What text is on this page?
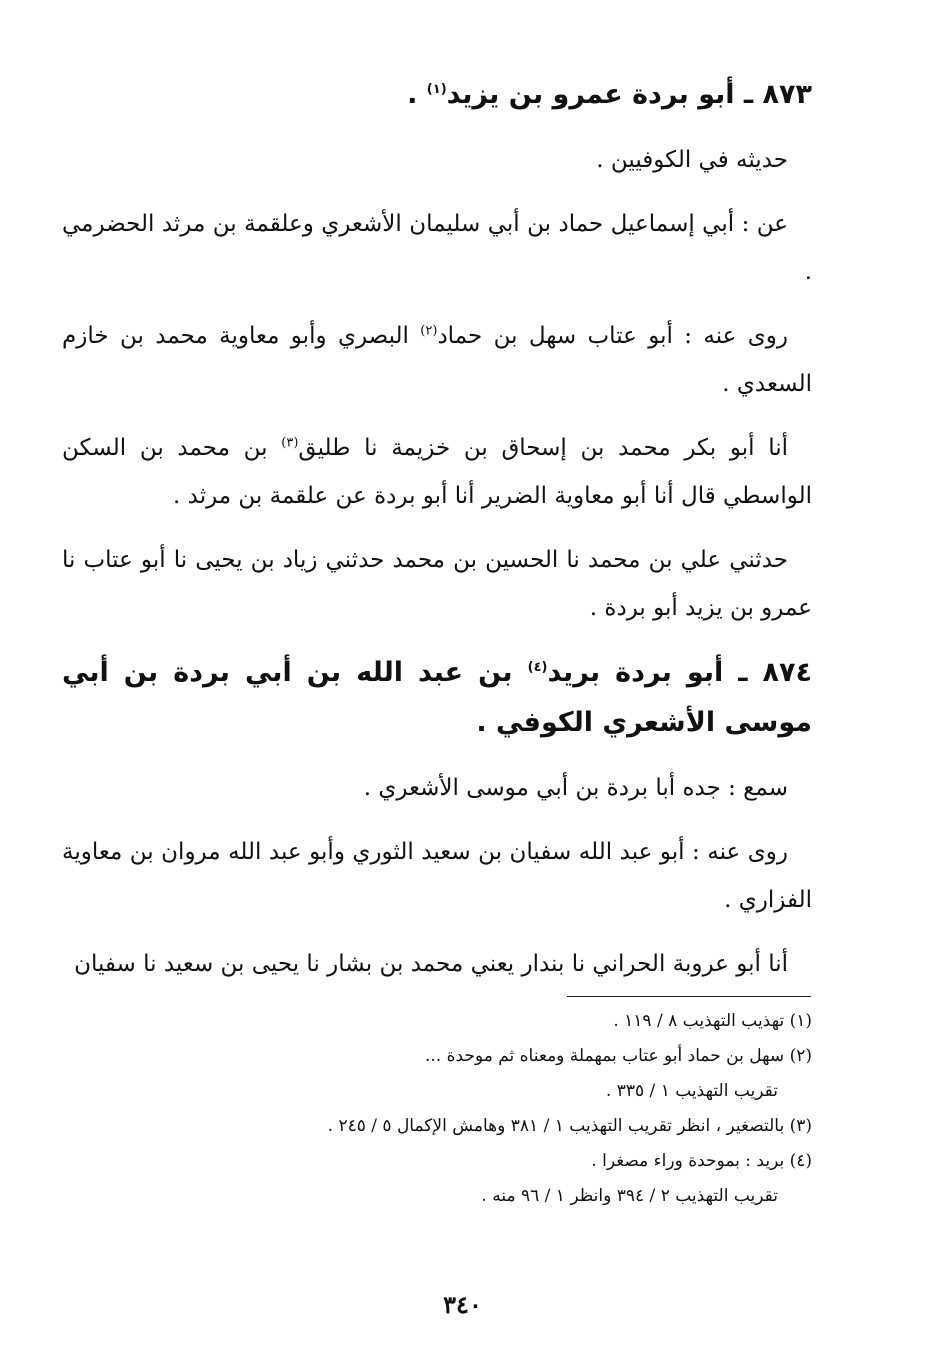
٨٧٣ ـ أبو بردة عمرو بن يزيد$^{(١)}$ .

حديثه في الكوفيين .

عن : أبي إسماعيل حماد بن أبي سليمان الأشعري وعلقمة بن مرثد الحضرمي .

روى عنه : أبو عتاب سهل بن حماد$^{(٢)}$ البصري وأبو معاوية محمد بن خازم السعدي .

أنا أبو بكر محمد بن إسحاق بن خزيمة نا طليق$^{(٣)}$ بن محمد بن السكن الواسطي قال أنا أبو معاوية الضرير أنا أبو بردة عن علقمة بن مرثد .

حدثني علي بن محمد نا الحسين بن محمد حدثني زياد بن يحيى نا أبو عتاب نا عمرو بن يزيد أبو بردة .

٨٧٤ ـ أبو بردة بريد$^{(٤)}$ بن عبد الله بن أبي بردة بن أبي موسى الأشعري الكوفي .

سمع : جده أبا بردة بن أبي موسى الأشعري .

روى عنه : أبو عبد الله سفيان بن سعيد الثوري وأبو عبد الله مروان بن معاوية الفزاري .

أنا أبو عروبة الحراني نا بندار يعني محمد بن بشار نا يحيى بن سعيد نا سفيان

(١) تهذيب التهذيب ٨ / ١١٩ .

(٢) سهل بن حماد أبو عتاب بمهملة ومعناه ثم موحدة ...

تقريب التهذيب ١ / ٣٣٥ .

(٣) بالتصغير ، انظر تقريب التهذيب ١ / ٣٨١ وهامش الإكمال ٥ / ٢٤٥ .

(٤) بريد : بموحدة وراء مصغرا .

تقريب التهذيب ٢ / ٣٩٤ وانظر ١ / ٩٦ منه .

٣٤٠
